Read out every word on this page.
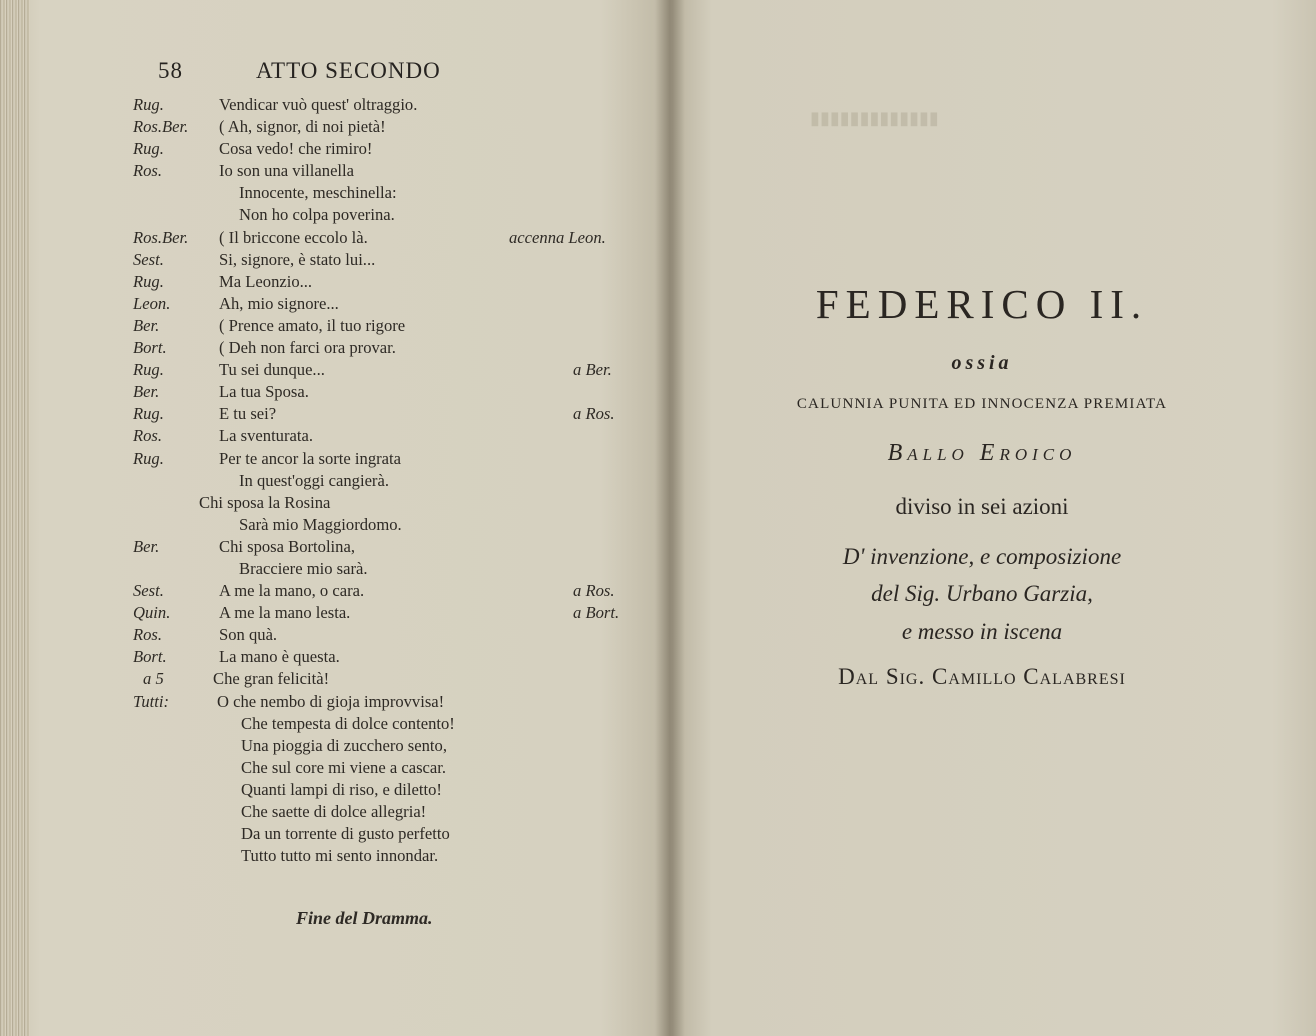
▮▮▮▮▮▮▮▮▮▮▮▮▮
58	ATTO SECONDO
Rug.	Vendicar vuò quest' oltraggio.
Ros.Ber. ( Ah, signor, di noi pietà!
Rug.	Cosa vedo! che rimiro!
Ros.	Io son una villanella
Innocente, meschinella:
Non ho colpa poverina.
Ros.Ber. ( Il briccone eccolo là.	accenna Leon.
Sest.	Si, signore, è stato lui...
Rug.	Ma Leonzio...
Leon.	Ah, mio signore...
Ber.	( Prence amato, il tuo rigore
Bort.	( Deh non farci ora provar.
Rug.	Tu sei dunque...	a Ber.
Ber.	La tua Sposa.
Rug.	E tu sei?	a Ros.
Ros.	La sventurata.
Rug.	Per te ancor la sorte ingrata
In quest'oggi cangierà.
Chi sposa la Rosina
Sarà mio Maggiordomo.
Ber.	Chi sposa Bortolina,
Bracciere mio sarà.
Sest.	A me la mano, o cara.	a Ros.
Quin.	A me la mano lesta.	a Bort.
Ros.	Son quà.
Bort.	La mano è questa.
a 5	Che gran felicità!
Tutti:	O che nembo di gioja improvvisa!
Che tempesta di dolce contento!
Una pioggia di zucchero sento,
Che sul core mi viene a cascar.
Quanti lampi di riso, e diletto!
Che saette di dolce allegria!
Da un torrente di gusto perfetto
Tutto tutto mi sento innondar.
Fine del Dramma.
FEDERICO II.
ossia
CALUNNIA PUNITA ED INNOCENZA PREMIATA
Ballo Eroico
diviso in sei azioni
D' invenzione, e composizione
del Sig. Urbano Garzia,
e messo in iscena
Dal Sig. Camillo Calabresi
